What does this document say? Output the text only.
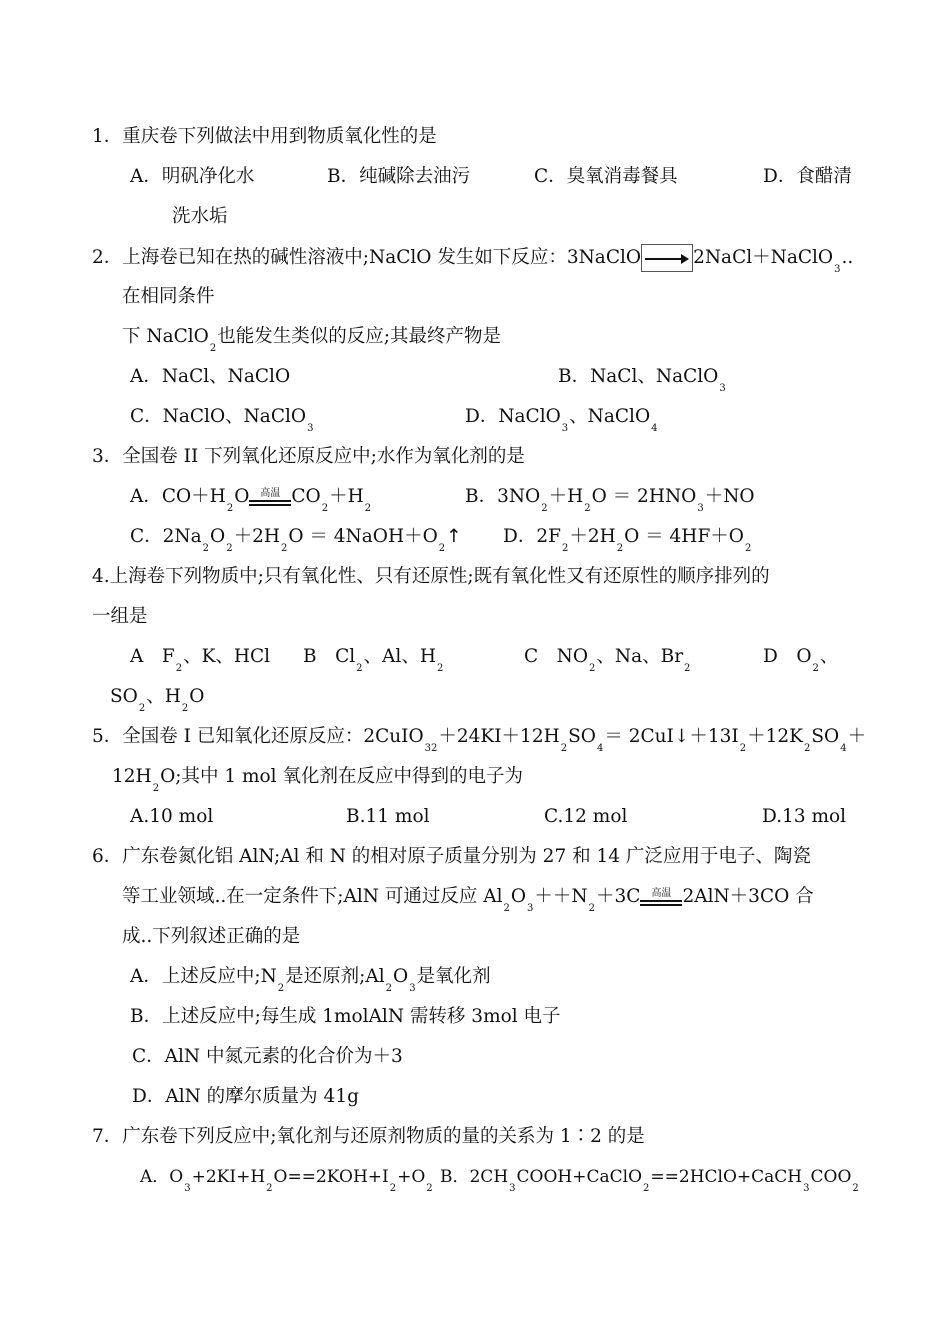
1．重庆卷下列做法中用到物质氧化性的是
A．明矾净化水	B．纯碱除去油污	C．臭氧消毒餐具	D．食醋清
洗水垢
2．上海卷已知在热的碱性溶液中;NaClO 发生如下反应：3NaClO	2NaCl＋NaClO$_3$..
在相同条件
下 NaClO$_2$也能发生类似的反应;其最终产物是
A．NaCl、NaClO	B．NaCl、NaClO$_3$
C．NaClO、NaClO$_3$
D．NaClO$_3$、NaClO$_4$
3．全国卷 II 下列氧化还原反应中;水作为氧化剂的是
A．$CO+H_2O$	高温 $CO_2+H_2$
B．$3NO_2+H_2O = 2HNO_3+NO$
C．$2Na_2O_2+2H_2O$ ＝ $4NaOH+O_2↑$ D．$2F_2+2H_2O = 4HF+O_2$
4.上海卷下列物质中;只有氧化性、只有还原性;既有氧化性又有还原性的顺序排列的
一组是
A　$F_2$、K、HCl B　$Cl_2$、Al、$H_2$
C　$NO_2$、Na、$Br_2$
D　$O_2$、
$SO_2$、$H_2O$
5．全国卷 I 已知氧化还原反应：$2CuIO_{32}+24KI+12H_2SO_4=$ $2CuI↓+13I_2+12K_2SO_4+$
$12H_2O$;其中 1 mol 氧化剂在反应中得到的电子为
A.10 mol	B.11 mol	C.12 mol	D.13 mol
6．广东卷氮化铝 AlN;Al 和 N 的相对原子质量分别为 27 和 14 广泛应用于电子、陶瓷
等工业领域..在一定条件下;AlN 可通过反应 $Al_2O_3++N_2+3C$	高温 2AlN＋3CO 合
成..下列叙述正确的是
A．上述反应中$;N_2$是还原剂$;Al_2O_3$是氧化剂
B．上述反应中;每生成 1molAlN 需转移 3mol 电子
C．AlN 中氮元素的化合价为＋3
D．AlN 的摩尔质量为 41g
7．广东卷下列反应中;氧化剂与还原剂物质的量的关系为 1∶2 的是
A．$O_3+2KI+H_2O==2KOH+I_2+O_2$
B．$2CH_3COOH+CaClO_2==2HClO+CaCH_3COO_2$
